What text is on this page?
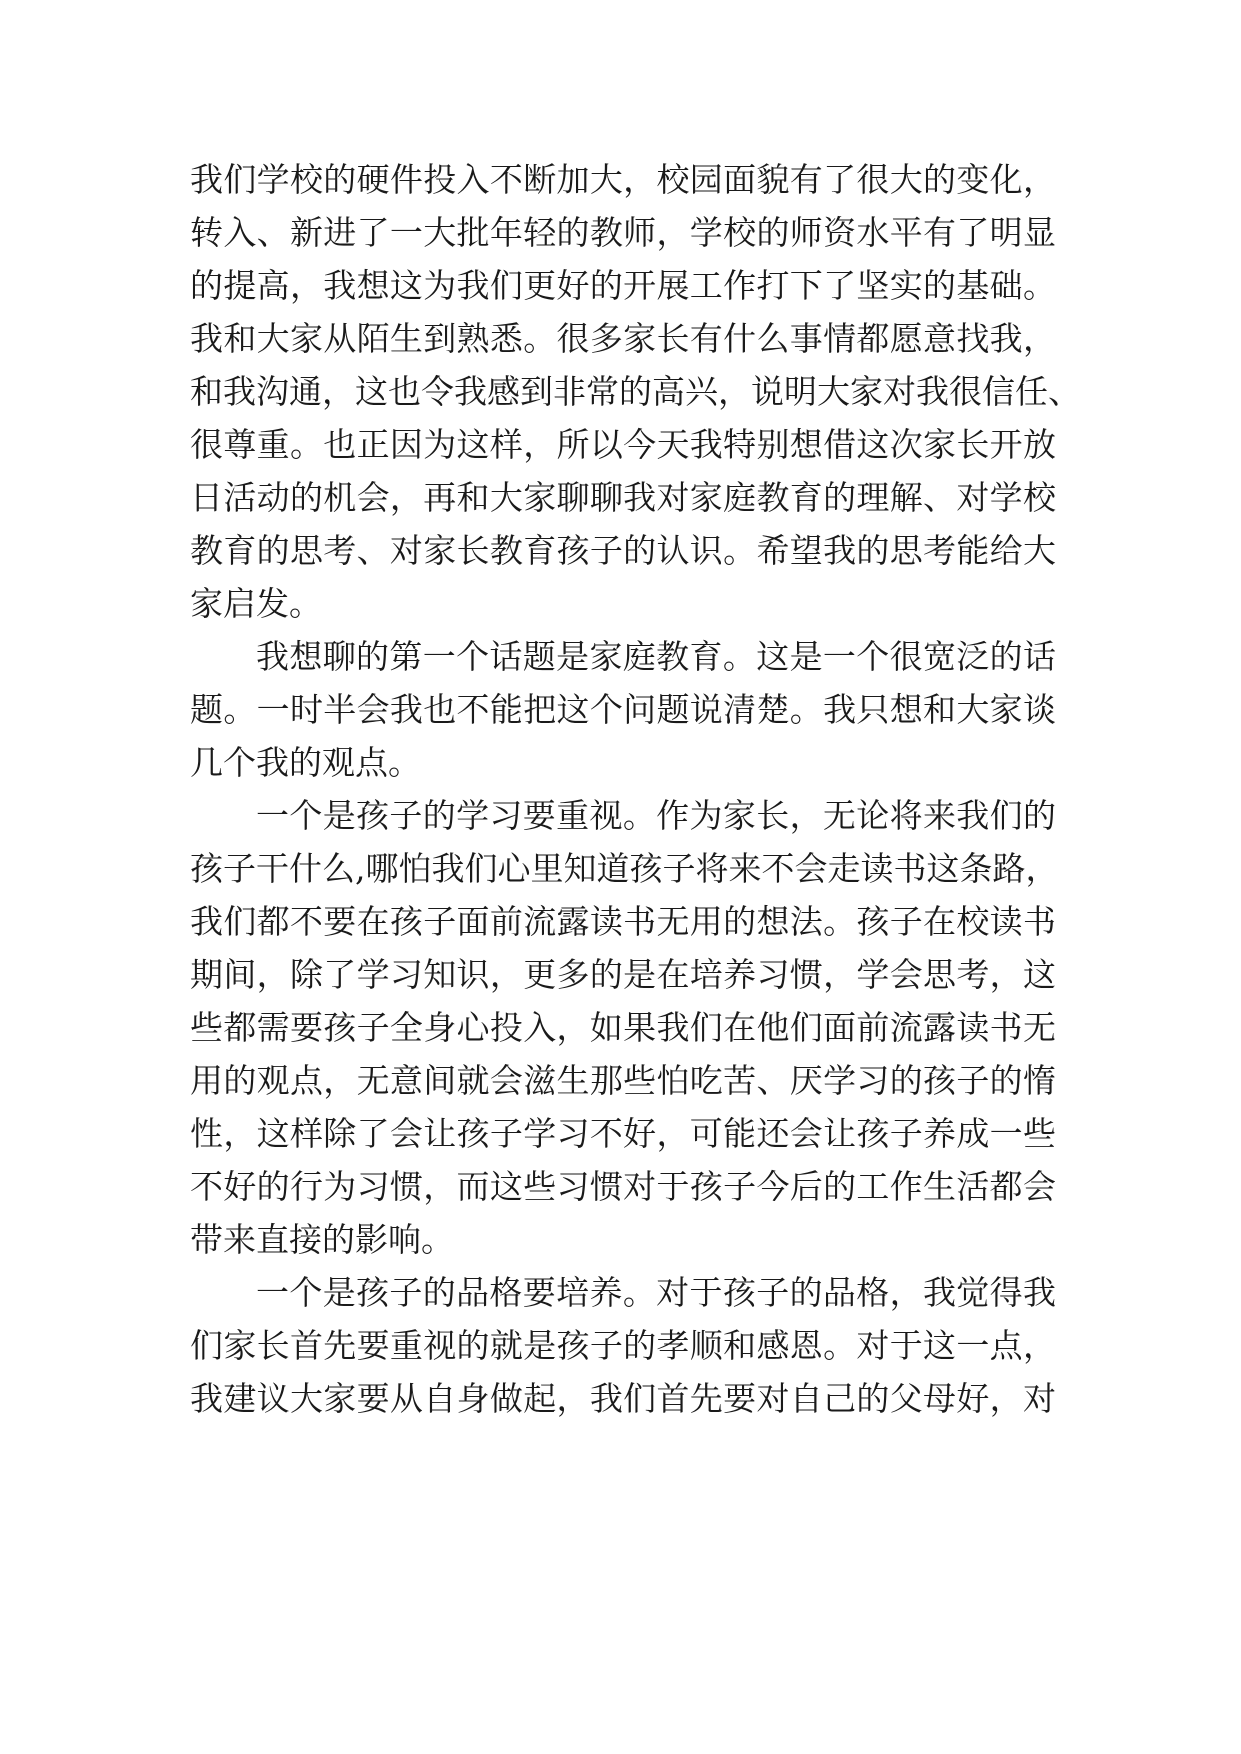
我们学校的硬件投入不断加大，校园面貌有了很大的变化，
转入、新进了一大批年轻的教师，学校的师资水平有了明显
的提高，我想这为我们更好的开展工作打下了坚实的基础。
我和大家从陌生到熟悉。很多家长有什么事情都愿意找我，
和我沟通，这也令我感到非常的高兴，说明大家对我很信任、
很尊重。也正因为这样，所以今天我特别想借这次家长开放
日活动的机会，再和大家聊聊我对家庭教育的理解、对学校
教育的思考、对家长教育孩子的认识。希望我的思考能给大
家启发。
我想聊的第一个话题是家庭教育。这是一个很宽泛的话
题。一时半会我也不能把这个问题说清楚。我只想和大家谈
几个我的观点。
一个是孩子的学习要重视。作为家长，无论将来我们的
孩子干什么,哪怕我们心里知道孩子将来不会走读书这条路，
我们都不要在孩子面前流露读书无用的想法。孩子在校读书
期间，除了学习知识，更多的是在培养习惯，学会思考，这
些都需要孩子全身心投入，如果我们在他们面前流露读书无
用的观点，无意间就会滋生那些怕吃苦、厌学习的孩子的惰
性，这样除了会让孩子学习不好，可能还会让孩子养成一些
不好的行为习惯，而这些习惯对于孩子今后的工作生活都会
带来直接的影响。
一个是孩子的品格要培养。对于孩子的品格，我觉得我
们家长首先要重视的就是孩子的孝顺和感恩。对于这一点，
我建议大家要从自身做起，我们首先要对自己的父母好，对
